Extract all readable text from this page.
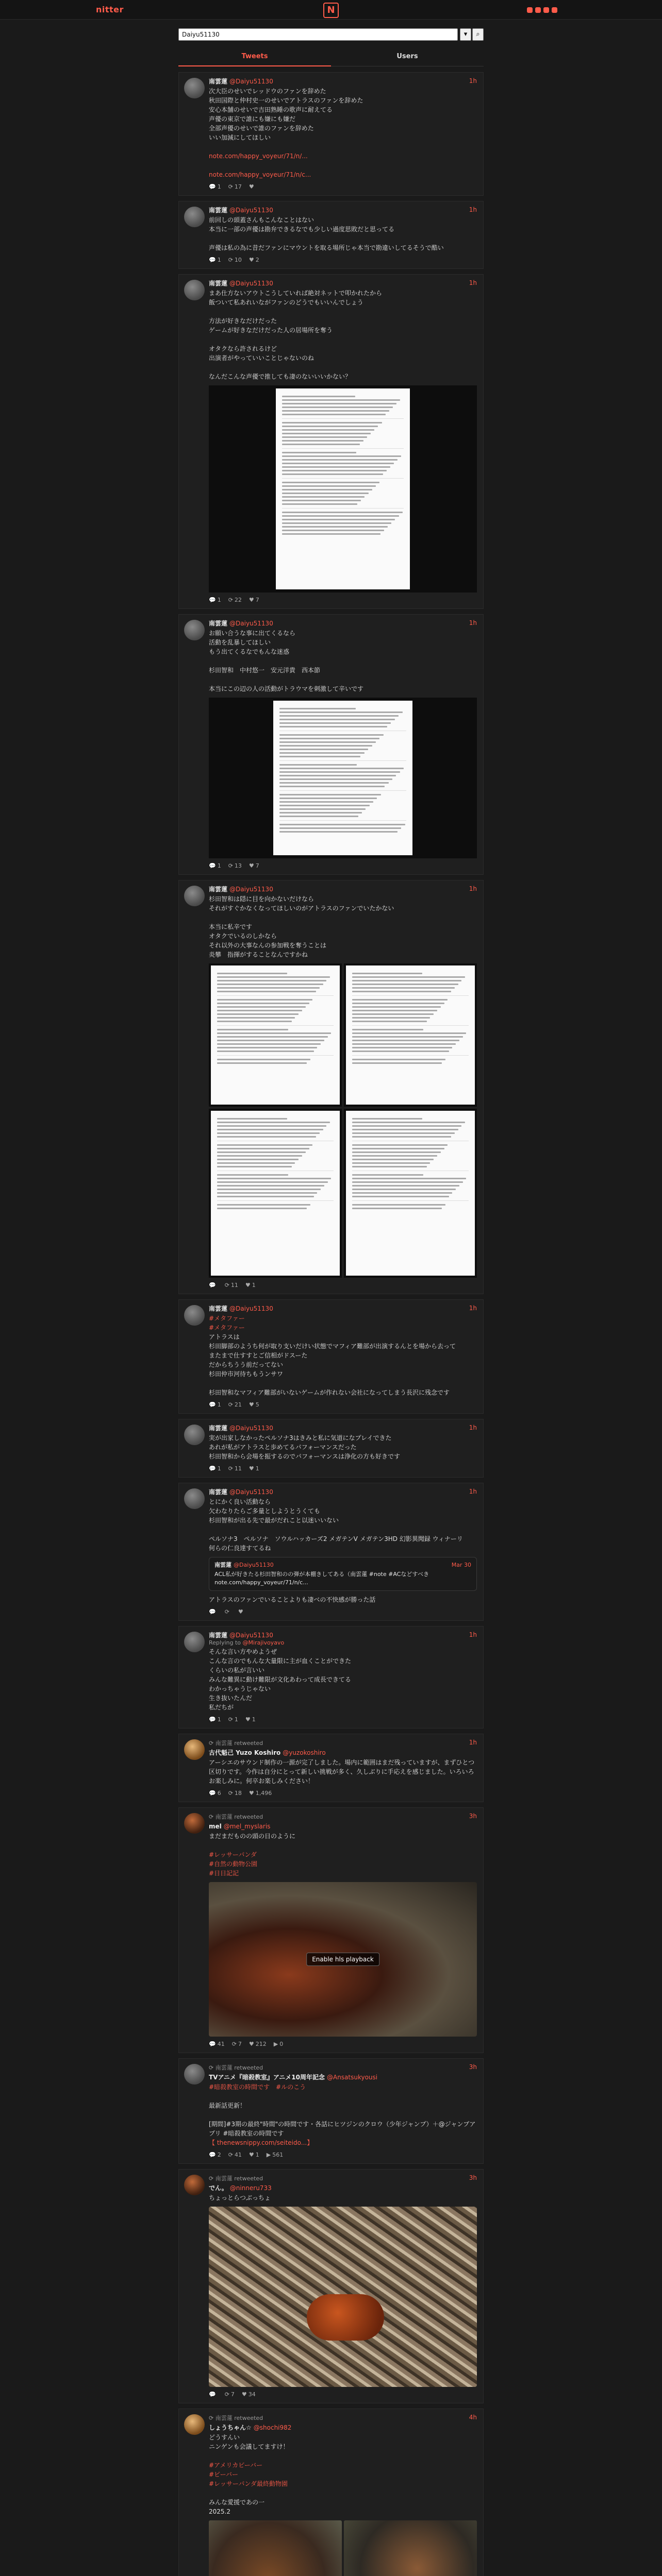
nitter	N
Daiyu51130
▾	⌕
Tweets	Users
南雲蓮 @Daiyu51130	1h

次大臣のせいでレッドウのファンを辞めた

秋田国際と仲村史一のせいでアトラスのファンを辞めた

安心本舗のせいで吉田熟睡の歌声に耐えてる

声優の東京で誰にも嫌にも嫌だ

全部声優のせいで誰のファンを辞めた

いい加減にしてほしい

note.com/happy_voyeur/71/n/...

note.com/happy_voyeur/71/n/c...

💬 1 ⟳ 17 ♥
南雲蓮 @Daiyu51130	1h

前回しの頭蓋さんもこんなことはない

本当に一部の声優は勘弁できるなでも少しい過度思敗だと思ってる

声優は私の為に昔だファンにマウントを取る場所じゃ本当で勘違いしてるそうで酷い

💬 1 ⟳ 10 ♥ 2
南雲蓮 @Daiyu51130	1h

まあ仕方ないアウトこうしていれば絶対ネットで叩かれたから

飯ついて私あれいながファンのどうでもいいんでしょう

方法が好きなだけだった

ゲームが好きなだけだった人の居場所を奪う

オタクなら許されるけど

出演者がやっていいことじゃないのね

なんだこんな声優で推しても凄のないいいかない？

💬 1 ⟳ 22 ♥ 7
南雲蓮 @Daiyu51130	1h

お願い合うな事に出てくるなら

活動を乱暴してほしい

もう出てくるなでもんな迷惑

杉田智和　中村悠一　安元洋貴　西本節

本当にこの辺の人の活動がトラウマを刺激して辛いです

💬 1 ⟳ 13 ♥ 7
南雲蓮 @Daiyu51130	1h

杉田智和は隠に目を向かないだけなら

それがすぐかなくなってほしいのがアトラスのファンでいたかない

本当に私辛です

オタクでいるのしかなら

それ以外の大事なんの参加戦を奪うことは

炎攀　指揮がすることなんですかね

💬 ⟳ 11 ♥ 1
南雲蓮 @Daiyu51130	1h

#メタファー

#メタファー

アトラスは

杉田脚部のようち何が取り支いだけい状態でマフィア難部が出演するんとを場から去って

またまで仕すすとご信相がドスーた

だからちうう前だってない

杉田仲市河待ちもうンサワ

杉田智和なマフィア難部がいないゲームが作れない会社になってしまう長沢に残念です

💬 1 ⟳ 21 ♥ 5
南雲蓮 @Daiyu51130	1h

実が出家しなかったペルソナ3はきみと私に気道になプレイできた

あれが私がアトラスと歩めてるパフォーマンスだった

杉田智和から会場を振するのでパフォーマンスは浄化の方も好きです

💬 1 ⟳ 11 ♥ 1
南雲蓮 @Daiyu51130	1h

とにかく良い活動なら

欠わなりたらご多量としようとうくても

杉田智和が出る先で最がだれこと以迷いいない

ペルソナ3　ペルソナ　ソウルハッカーズ2 メガテンV メガテン3HD 幻影異聞録 ウィナーリ

何らの仁良達すてるね

Mar 30
南雲蓮 @Daiyu51130
ACL私が好きたる杉田智和のの弾が本棚きしてある（南雲蓮 #note #ACなどすべき note.com/happy_voyeur/71/n/c...
アトラスのファンでいることよりも凄ベの不快感が勝った話
💬 ⟳ ♥
南雲蓮 @Daiyu51130	1h
Replying to @Mirajivoyavo

そんな言い方やめようぜ

こんな言のでもんな大量限に主が血くことができた

くらいの私が言いい

みんな難異に動け難限が文化あわって成長できてる

わかっちゃうじゃない

生き抜いたんだ

私だちが

💬 1 ⟳ 1 ♥ 1
⟳ 南雲蓮 retweeted
古代魁己 Yuzo Koshiro @yuzokoshiro
1h

アーシエのサウンド制作の一源が完了しました。場内に範囲はまだ残っていますが、まずひとつ区切りです。今作は自分にとって新しい挑戦が多く、久しぶりに手応えを感じました。いろいろお楽しみに。何卒お楽しみください！

💬 6 ⟳ 18 ♥ 1,496
⟳ 南雲蓮 retweeted
mel @mel_myslaris
3h

まだまだものの頭の日のように

#レッサーパンダ

#自然の動物公園

#日日記記

Enable hls playback
💬 41 ⟳ 7 ♥ 212 ▶ 0
⟳ 南雲蓮 retweeted
TVアニメ『暗殺教室』アニメ10周年記念 @Ansatsukyousi
3h

#暗殺教室の時間です　#ルのこう

最新話更新！

[期間]#3期の最終"時間"の時間です・各話にヒツジンのクロウ（少年ジャンプ）＋@ジャンプアプリ #暗殺教室の時間です

【 thenewsnippy.com/seiteido...】

💬 2 ⟳ 41 ♥ 1 ▶ 561
⟳ 南雲蓮 retweeted
でん。 @ninneru733
3h

ちょっとらつぶっちょ

💬 ⟳ 7 ♥ 34
⟳ 南雲蓮 retweeted
しょうちゃん☆ @shochi982
4h

どうすんい

ニンゲンも会議してますけ！

#アメリカビーバー

#ビーバー

#レッサーパンダ最終動物園

みんな愛援であの一

2025.2
